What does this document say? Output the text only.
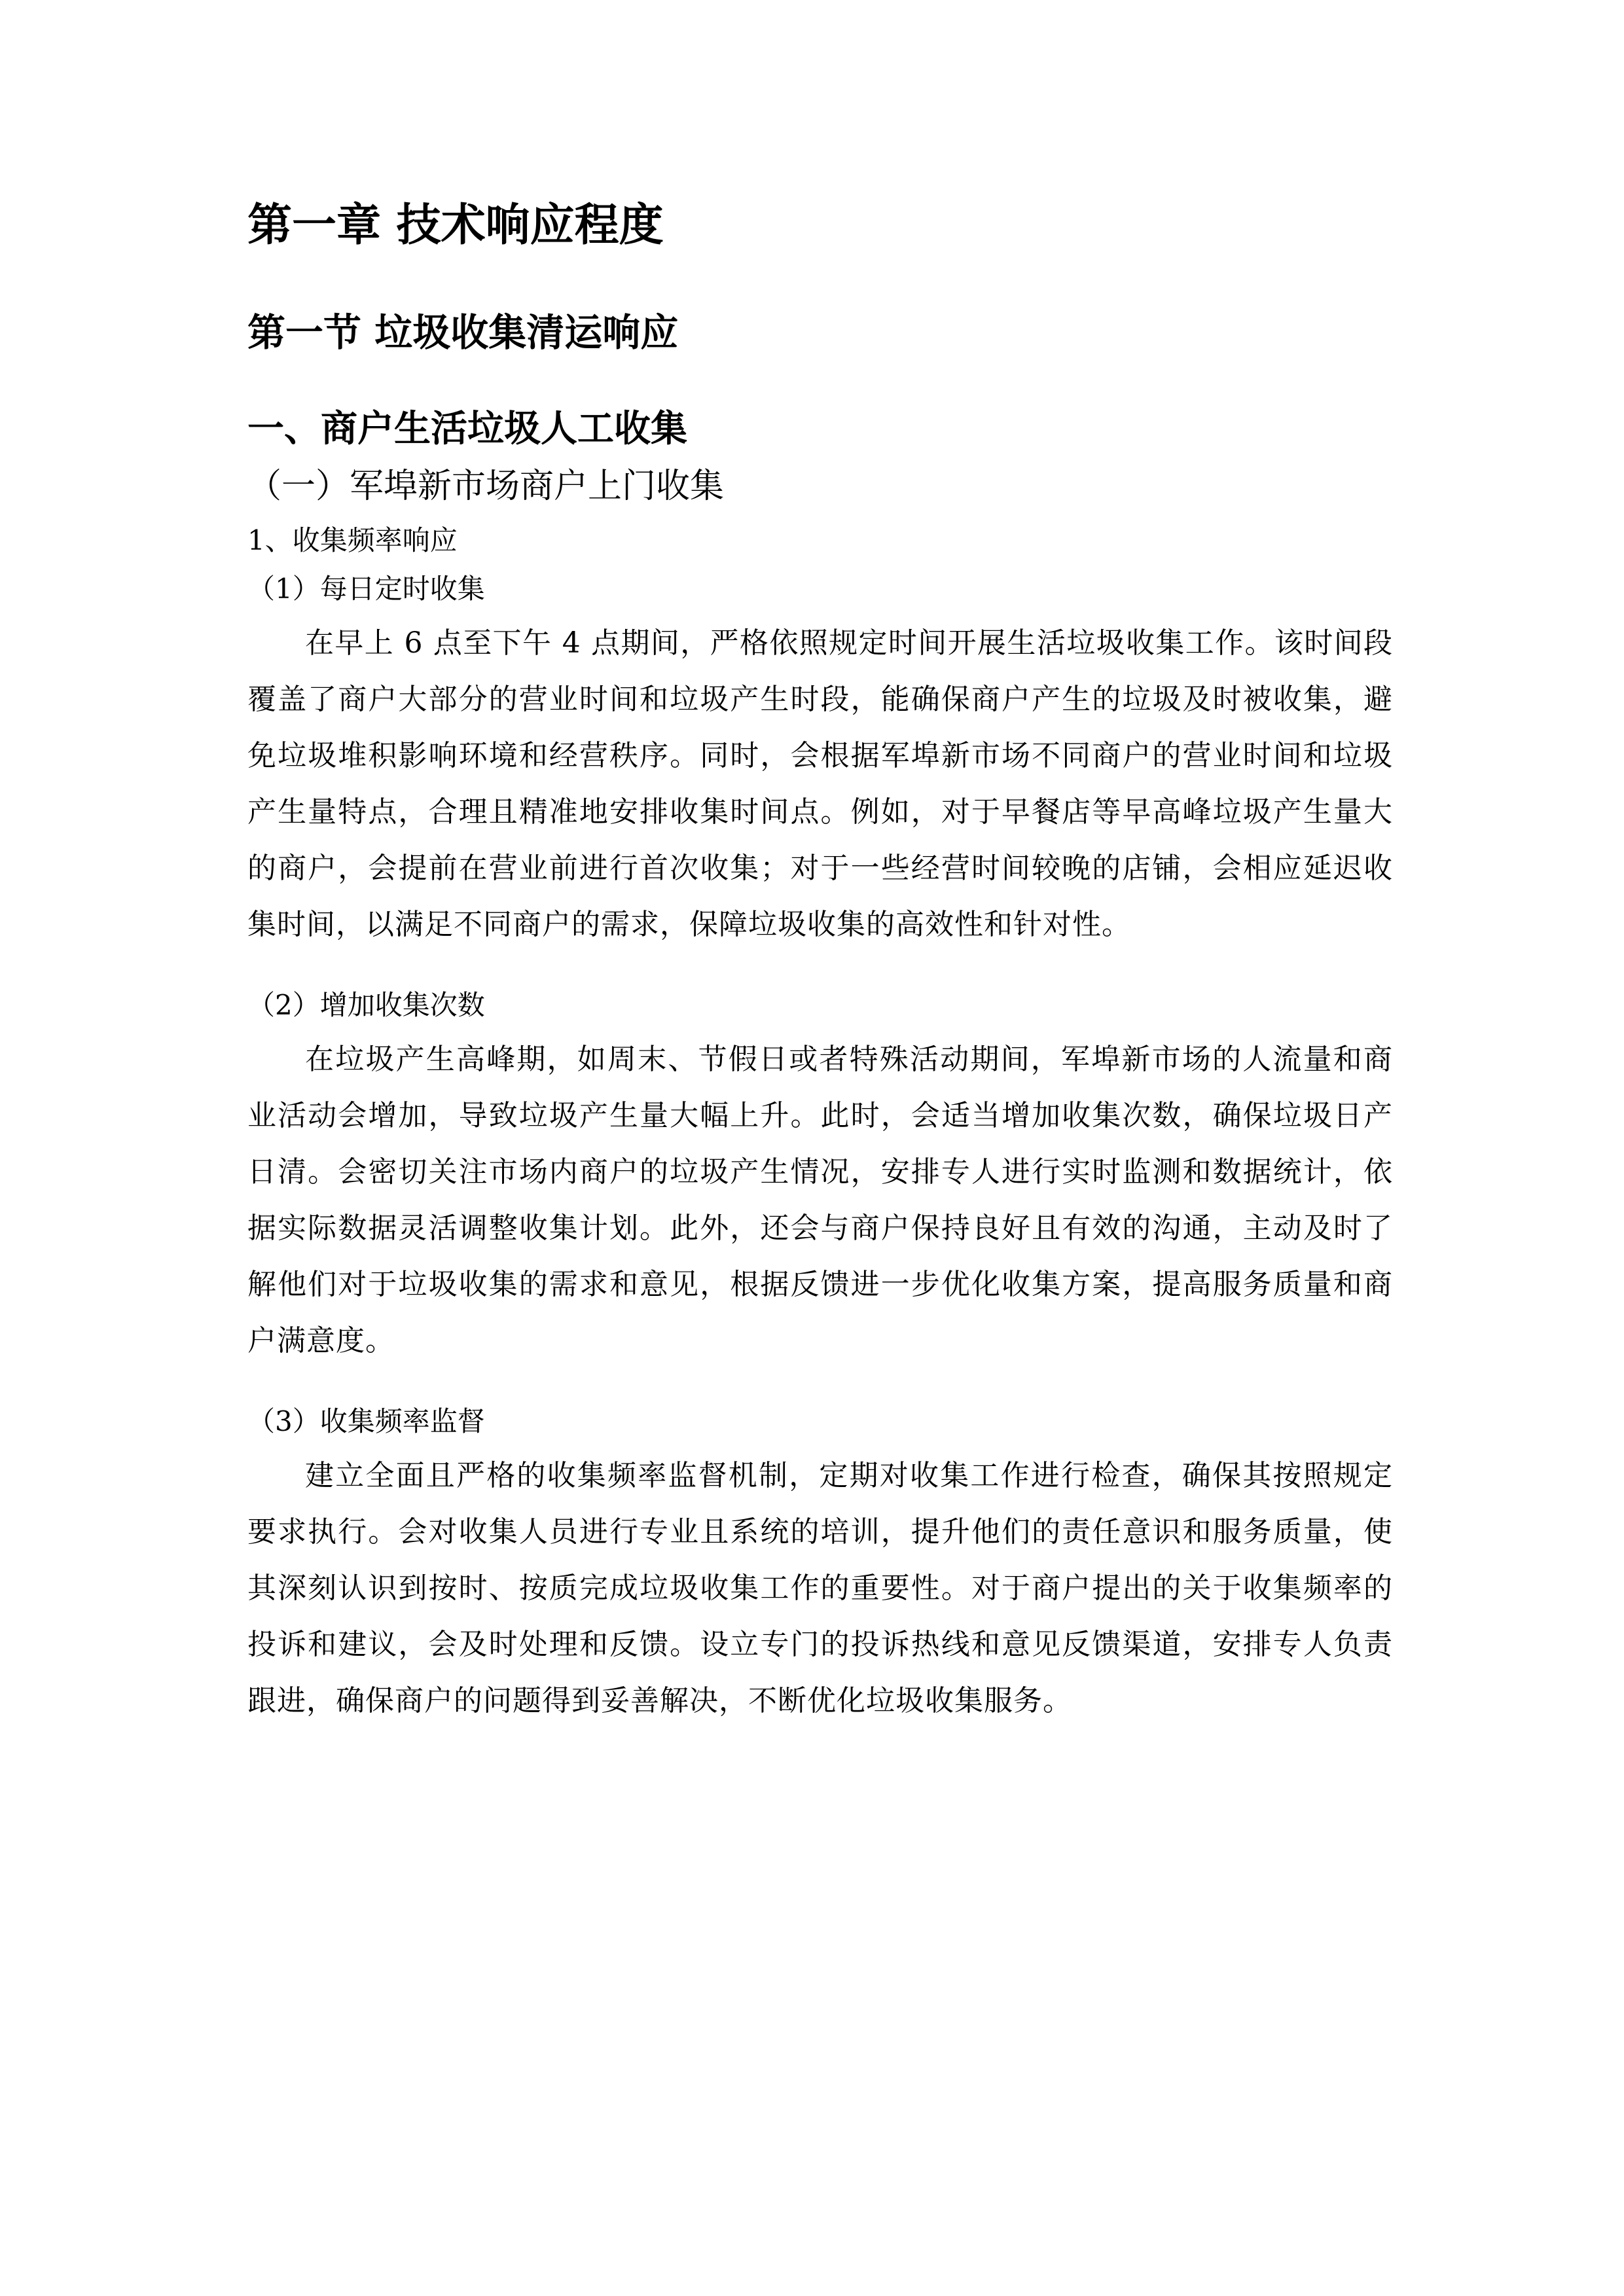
第一章 技术响应程度
第一节 垃圾收集清运响应
一、商户生活垃圾人工收集
（一）军埠新市场商户上门收集
1、收集频率响应
（1）每日定时收集

在早上 6 点至下午 4 点期间，严格依照规定时间开展生活垃圾收集工作。该时间段覆盖了商户大部分的营业时间和垃圾产生时段，能确保商户产生的垃圾及时被收集，避免垃圾堆积影响环境和经营秩序。同时，会根据军埠新市场不同商户的营业时间和垃圾产生量特点，合理且精准地安排收集时间点。例如，对于早餐店等早高峰垃圾产生量大的商户，会提前在营业前进行首次收集；对于一些经营时间较晚的店铺，会相应延迟收集时间，以满足不同商户的需求，保障垃圾收集的高效性和针对性。

（2）增加收集次数

在垃圾产生高峰期，如周末、节假日或者特殊活动期间，军埠新市场的人流量和商业活动会增加，导致垃圾产生量大幅上升。此时，会适当增加收集次数，确保垃圾日产日清。会密切关注市场内商户的垃圾产生情况，安排专人进行实时监测和数据统计，依据实际数据灵活调整收集计划。此外，还会与商户保持良好且有效的沟通，主动及时了解他们对于垃圾收集的需求和意见，根据反馈进一步优化收集方案，提高服务质量和商户满意度。

（3）收集频率监督

建立全面且严格的收集频率监督机制，定期对收集工作进行检查，确保其按照规定要求执行。会对收集人员进行专业且系统的培训，提升他们的责任意识和服务质量，使其深刻认识到按时、按质完成垃圾收集工作的重要性。对于商户提出的关于收集频率的投诉和建议，会及时处理和反馈。设立专门的投诉热线和意见反馈渠道，安排专人负责跟进，确保商户的问题得到妥善解决，不断优化垃圾收集服务。
